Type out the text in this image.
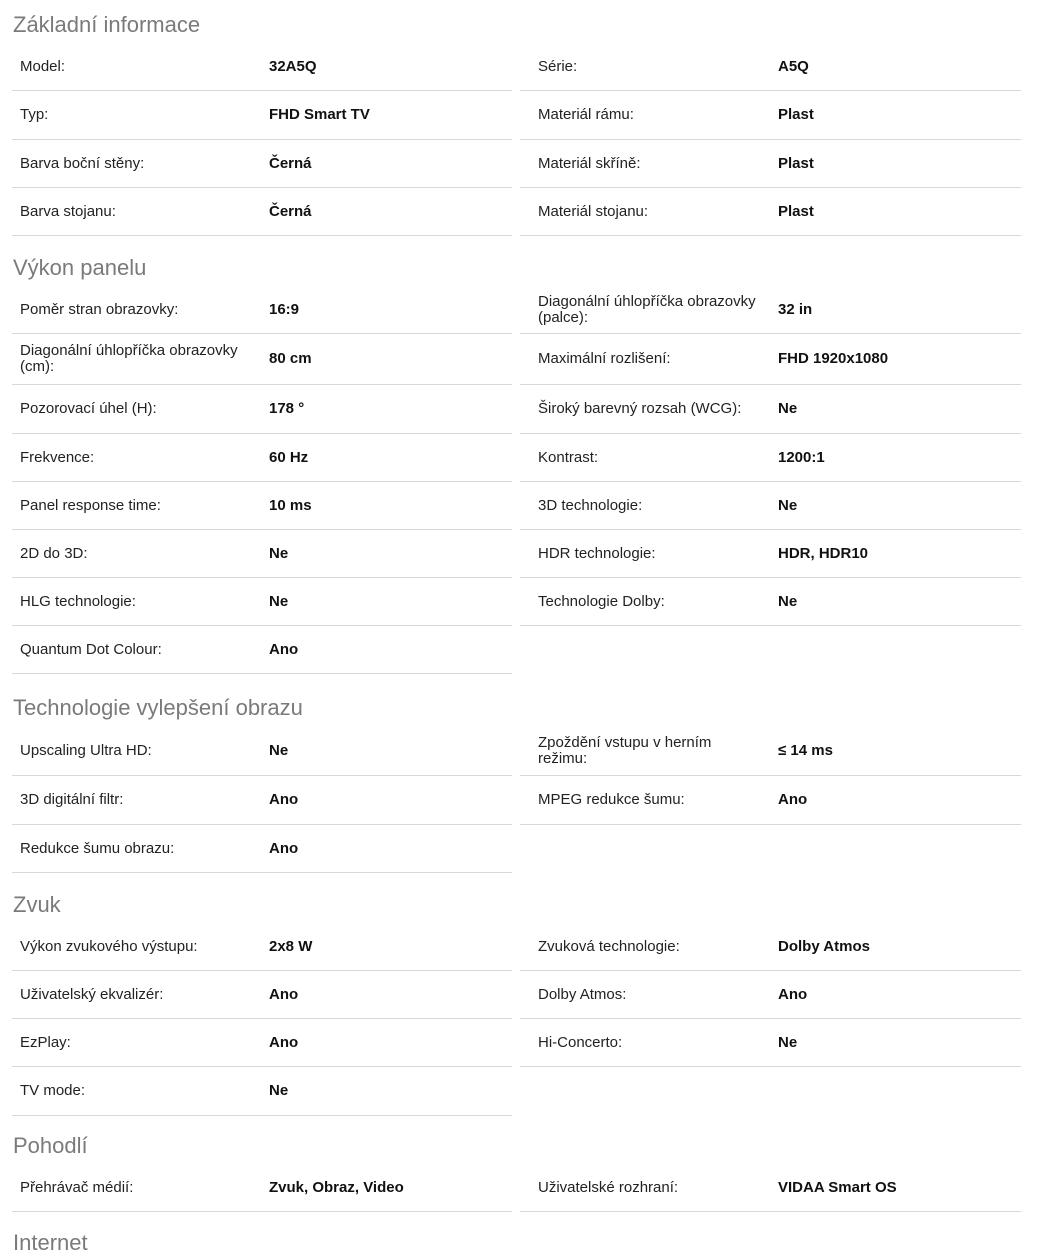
Základní informace
Model:	32A5Q	Série:	A5Q
Typ:	FHD Smart TV	Materiál rámu:	Plast
Barva boční stěny:	Černá	Materiál skříně:	Plast
Barva stojanu:	Černá	Materiál stojanu:	Plast
Výkon panelu
Poměr stran obrazovky:	16:9	Diagonální úhlopříčka obrazovky (palce):	32 in
Diagonální úhlopříčka obrazovky (cm):	80 cm	Maximální rozlišení:	FHD 1920x1080
Pozorovací úhel (H):	178 °	Široký barevný rozsah (WCG):	Ne
Frekvence:	60 Hz	Kontrast:	1200:1
Panel response time:	10 ms	3D technologie:	Ne
2D do 3D:	Ne	HDR technologie:	HDR, HDR10
HLG technologie:	Ne	Technologie Dolby:	Ne
Quantum Dot Colour:	Ano
Technologie vylepšení obrazu
Upscaling Ultra HD:	Ne	Zpoždění vstupu v herním režimu:	≤ 14 ms
3D digitální filtr:	Ano	MPEG redukce šumu:	Ano
Redukce šumu obrazu:	Ano
Zvuk
Výkon zvukového výstupu:	2x8 W	Zvuková technologie:	Dolby Atmos
Uživatelský ekvalizér:	Ano	Dolby Atmos:	Ano
EzPlay:	Ano	Hi-Concerto:	Ne
TV mode:	Ne
Pohodlí
Přehrávač médií:	Zvuk, Obraz, Video	Uživatelské rozhraní:	VIDAA Smart OS
Internet
